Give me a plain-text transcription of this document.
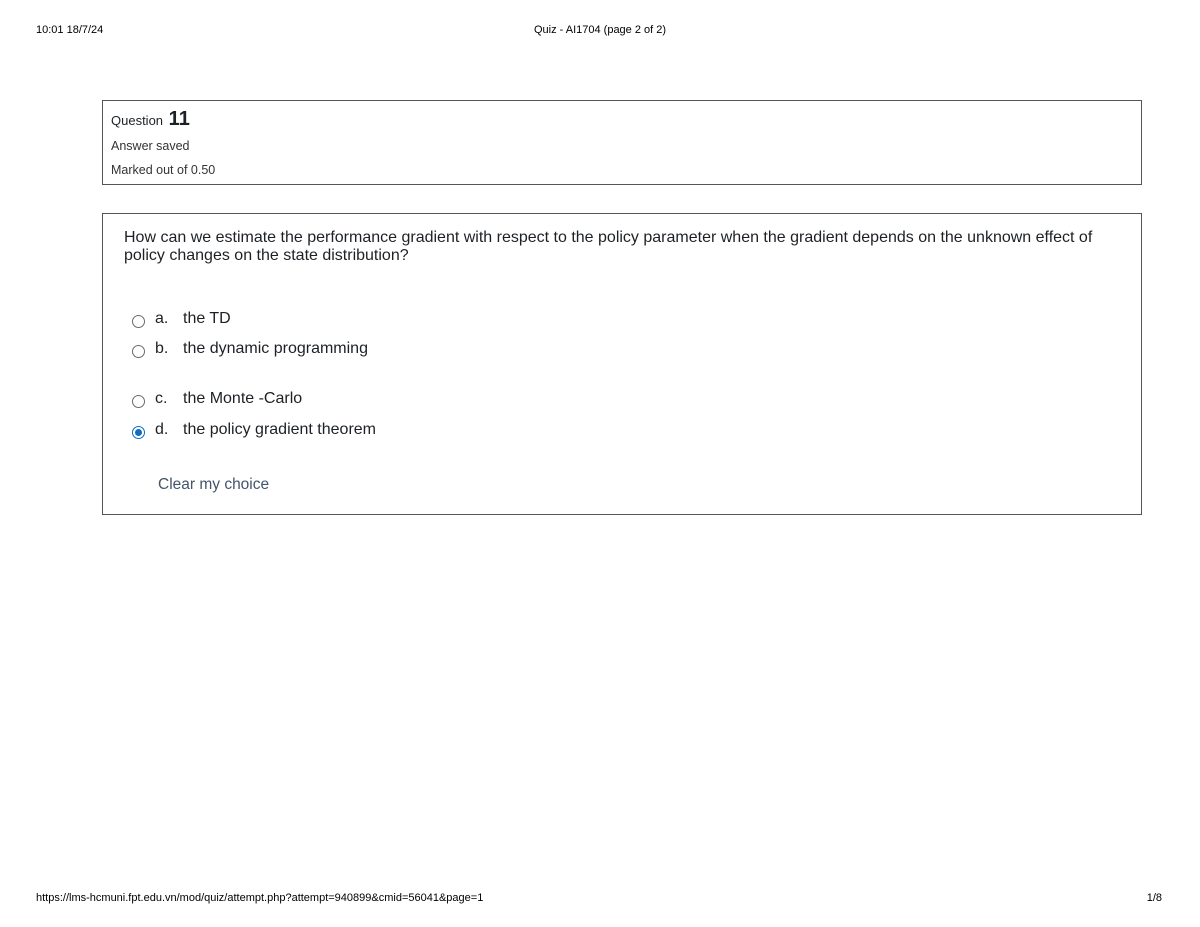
10:01 18/7/24	Quiz - AI1704 (page 2 of 2)
Question 11
Answer saved
Marked out of 0.50
How can we estimate the performance gradient with respect to the policy parameter when the gradient depends on the unknown effect of policy changes on the state distribution?
a. the TD
b. the dynamic programming
c. the Monte -Carlo
d. the policy gradient theorem
Clear my choice
https://lms-hcmuni.fpt.edu.vn/mod/quiz/attempt.php?attempt=940899&cmid=56041&page=1	1/8
